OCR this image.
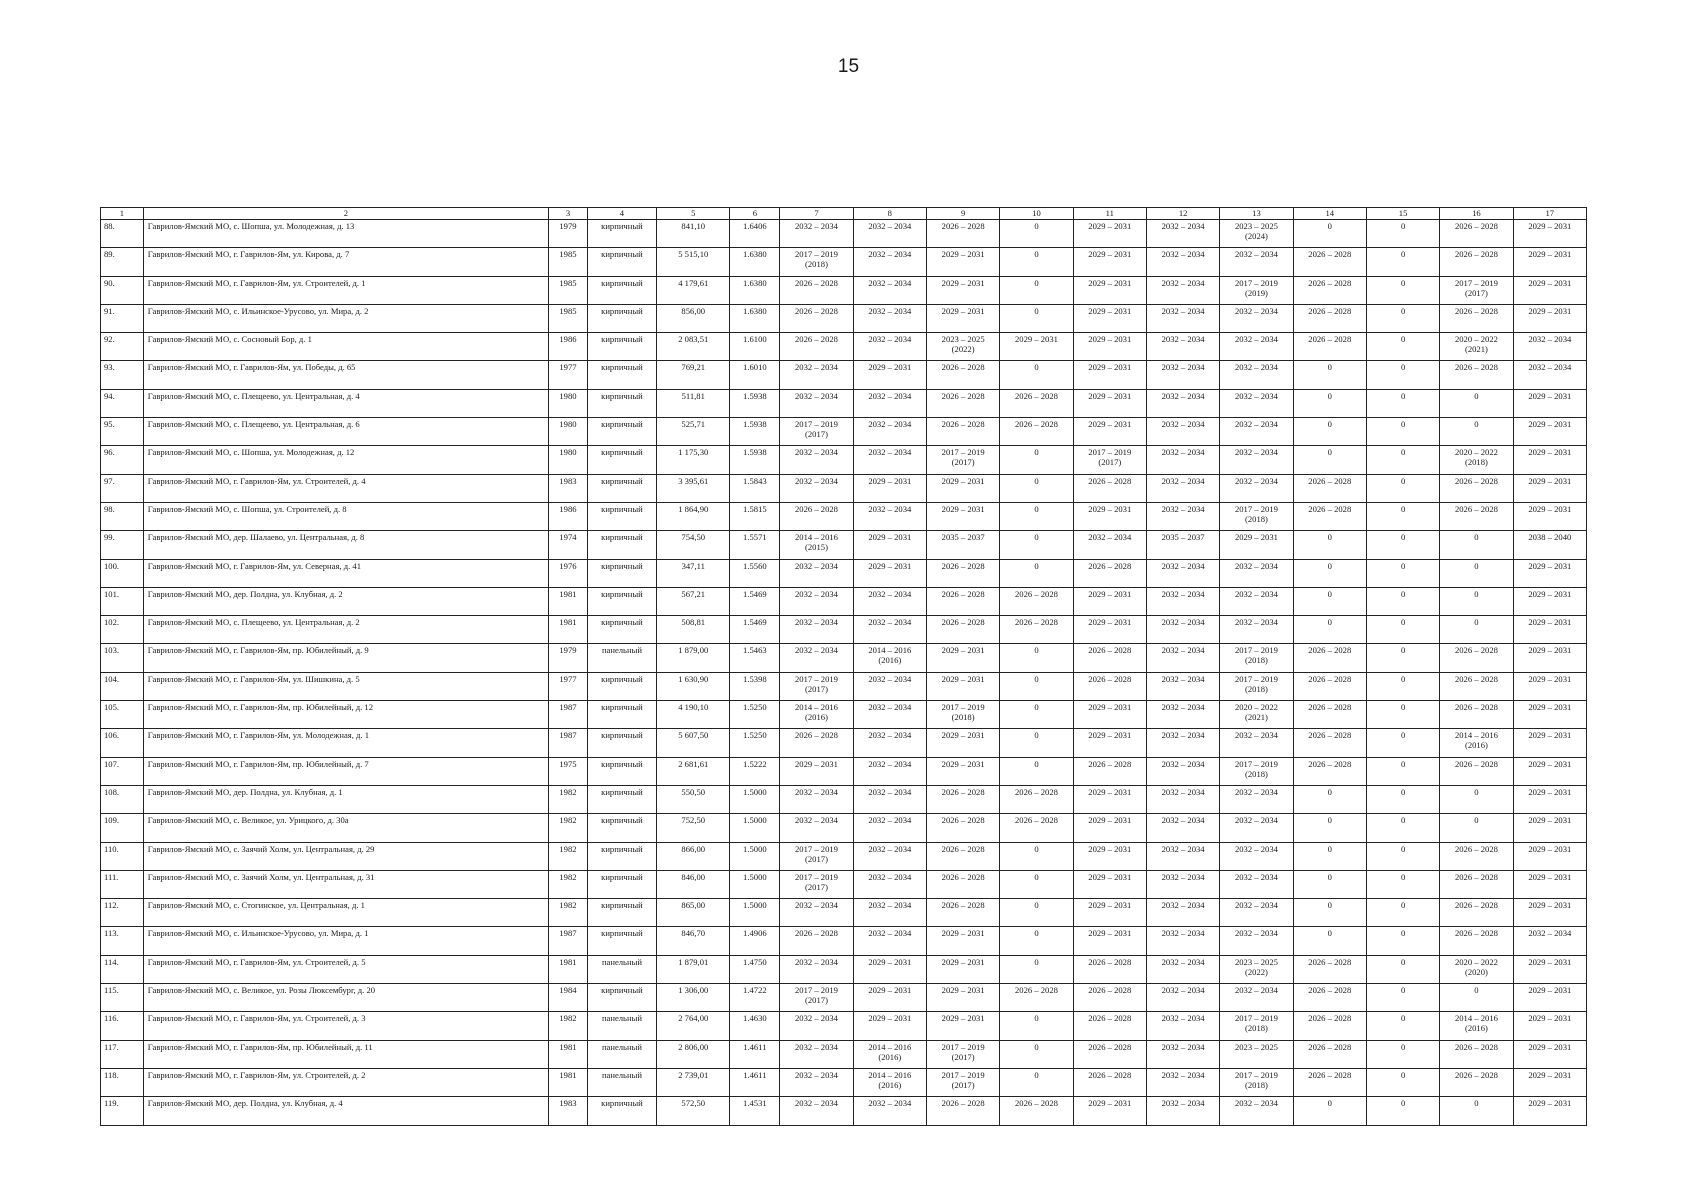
15
1	2	3	4	5	6	7	8	9	10	11	12	13	14	15	16	17
88.	Гаврилов-Ямский МО, с. Шопша, ул. Молодежная, д. 13	1979	кирпичный	841,10	1.6406	2032 – 2034	2032 – 2034	2026 – 2028	0	2029 – 2031	2032 – 2034	2023 – 2025
(2024)	0	0	2026 – 2028	2029 – 2031
89.	Гаврилов-Ямский МО, г. Гаврилов-Ям, ул. Кирова, д. 7	1985	кирпичный	5 515,10	1.6380	2017 – 2019
(2018)	2032 – 2034	2029 – 2031	0	2029 – 2031	2032 – 2034	2032 – 2034	2026 – 2028	0	2026 – 2028	2029 – 2031
90.	Гаврилов-Ямский МО, г. Гаврилов-Ям, ул. Строителей, д. 1	1985	кирпичный	4 179,61	1.6380	2026 – 2028	2032 – 2034	2029 – 2031	0	2029 – 2031	2032 – 2034	2017 – 2019
(2019)	2026 – 2028	0	2017 – 2019
(2017)	2029 – 2031
91.	Гаврилов-Ямский МО, с. Ильинское-Урусово, ул. Мира, д. 2	1985	кирпичный	856,00	1.6380	2026 – 2028	2032 – 2034	2029 – 2031	0	2029 – 2031	2032 – 2034	2032 – 2034	2026 – 2028	0	2026 – 2028	2029 – 2031
92.	Гаврилов-Ямский МО, с. Сосновый Бор, д. 1	1986	кирпичный	2 083,51	1.6100	2026 – 2028	2032 – 2034	2023 – 2025
(2022)	2029 – 2031	2029 – 2031	2032 – 2034	2032 – 2034	2026 – 2028	0	2020 – 2022
(2021)	2032 – 2034
93.	Гаврилов-Ямский МО, г. Гаврилов-Ям, ул. Победы, д. 65	1977	кирпичный	769,21	1.6010	2032 – 2034	2029 – 2031	2026 – 2028	0	2029 – 2031	2032 – 2034	2032 – 2034	0	0	2026 – 2028	2032 – 2034
94.	Гаврилов-Ямский МО, с. Плещеево, ул. Центральная, д. 4	1980	кирпичный	511,81	1.5938	2032 – 2034	2032 – 2034	2026 – 2028	2026 – 2028	2029 – 2031	2032 – 2034	2032 – 2034	0	0	0	2029 – 2031
95.	Гаврилов-Ямский МО, с. Плещеево, ул. Центральная, д. 6	1980	кирпичный	525,71	1.5938	2017 – 2019
(2017)	2032 – 2034	2026 – 2028	2026 – 2028	2029 – 2031	2032 – 2034	2032 – 2034	0	0	0	2029 – 2031
96.	Гаврилов-Ямский МО, с. Шопша, ул. Молодежная, д. 12	1980	кирпичный	1 175,30	1.5938	2032 – 2034	2032 – 2034	2017 – 2019
(2017)	0	2017 – 2019
(2017)	2032 – 2034	2032 – 2034	0	0	2020 – 2022
(2018)	2029 – 2031
97.	Гаврилов-Ямский МО, г. Гаврилов-Ям, ул. Строителей, д. 4	1983	кирпичный	3 395,61	1.5843	2032 – 2034	2029 – 2031	2029 – 2031	0	2026 – 2028	2032 – 2034	2032 – 2034	2026 – 2028	0	2026 – 2028	2029 – 2031
98.	Гаврилов-Ямский МО, с. Шопша, ул. Строителей, д. 8	1986	кирпичный	1 864,90	1.5815	2026 – 2028	2032 – 2034	2029 – 2031	0	2029 – 2031	2032 – 2034	2017 – 2019
(2018)	2026 – 2028	0	2026 – 2028	2029 – 2031
99.	Гаврилов-Ямский МО, дер. Шалаево, ул. Центральная, д. 8	1974	кирпичный	754,50	1.5571	2014 – 2016
(2015)	2029 – 2031	2035 – 2037	0	2032 – 2034	2035 – 2037	2029 – 2031	0	0	0	2038 – 2040
100.	Гаврилов-Ямский МО, г. Гаврилов-Ям, ул. Северная, д. 41	1976	кирпичный	347,11	1.5560	2032 – 2034	2029 – 2031	2026 – 2028	0	2026 – 2028	2032 – 2034	2032 – 2034	0	0	0	2029 – 2031
101.	Гаврилов-Ямский МО, дер. Полдна, ул. Клубная, д. 2	1981	кирпичный	567,21	1.5469	2032 – 2034	2032 – 2034	2026 – 2028	2026 – 2028	2029 – 2031	2032 – 2034	2032 – 2034	0	0	0	2029 – 2031
102.	Гаврилов-Ямский МО, с. Плещеево, ул. Центральная, д. 2	1981	кирпичный	508,81	1.5469	2032 – 2034	2032 – 2034	2026 – 2028	2026 – 2028	2029 – 2031	2032 – 2034	2032 – 2034	0	0	0	2029 – 2031
103.	Гаврилов-Ямский МО, г. Гаврилов-Ям, пр. Юбилейный, д. 9	1979	панельный	1 879,00	1.5463	2032 – 2034	2014 – 2016
(2016)	2029 – 2031	0	2026 – 2028	2032 – 2034	2017 – 2019
(2018)	2026 – 2028	0	2026 – 2028	2029 – 2031
104.	Гаврилов-Ямский МО, г. Гаврилов-Ям, ул. Шишкина, д. 5	1977	кирпичный	1 630,90	1.5398	2017 – 2019
(2017)	2032 – 2034	2029 – 2031	0	2026 – 2028	2032 – 2034	2017 – 2019
(2018)	2026 – 2028	0	2026 – 2028	2029 – 2031
105.	Гаврилов-Ямский МО, г. Гаврилов-Ям, пр. Юбилейный, д. 12	1987	кирпичный	4 190,10	1.5250	2014 – 2016
(2016)	2032 – 2034	2017 – 2019
(2018)	0	2029 – 2031	2032 – 2034	2020 – 2022
(2021)	2026 – 2028	0	2026 – 2028	2029 – 2031
106.	Гаврилов-Ямский МО, г. Гаврилов-Ям, ул. Молодежная, д. 1	1987	кирпичный	5 607,50	1.5250	2026 – 2028	2032 – 2034	2029 – 2031	0	2029 – 2031	2032 – 2034	2032 – 2034	2026 – 2028	0	2014 – 2016
(2016)	2029 – 2031
107.	Гаврилов-Ямский МО, г. Гаврилов-Ям, пр. Юбилейный, д. 7	1975	кирпичный	2 681,61	1.5222	2029 – 2031	2032 – 2034	2029 – 2031	0	2026 – 2028	2032 – 2034	2017 – 2019
(2018)	2026 – 2028	0	2026 – 2028	2029 – 2031
108.	Гаврилов-Ямский МО, дер. Полдна, ул. Клубная, д. 1	1982	кирпичный	550,50	1.5000	2032 – 2034	2032 – 2034	2026 – 2028	2026 – 2028	2029 – 2031	2032 – 2034	2032 – 2034	0	0	0	2029 – 2031
109.	Гаврилов-Ямский МО, с. Великое, ул. Урицкого, д. 30а	1982	кирпичный	752,50	1.5000	2032 – 2034	2032 – 2034	2026 – 2028	2026 – 2028	2029 – 2031	2032 – 2034	2032 – 2034	0	0	0	2029 – 2031
110.	Гаврилов-Ямский МО, с. Заячий Холм, ул. Центральная, д. 29	1982	кирпичный	866,00	1.5000	2017 – 2019
(2017)	2032 – 2034	2026 – 2028	0	2029 – 2031	2032 – 2034	2032 – 2034	0	0	2026 – 2028	2029 – 2031
111.	Гаврилов-Ямский МО, с. Заячий Холм, ул. Центральная, д. 31	1982	кирпичный	846,00	1.5000	2017 – 2019
(2017)	2032 – 2034	2026 – 2028	0	2029 – 2031	2032 – 2034	2032 – 2034	0	0	2026 – 2028	2029 – 2031
112.	Гаврилов-Ямский МО, с. Стогинское, ул. Центральная, д. 1	1982	кирпичный	865,00	1.5000	2032 – 2034	2032 – 2034	2026 – 2028	0	2029 – 2031	2032 – 2034	2032 – 2034	0	0	2026 – 2028	2029 – 2031
113.	Гаврилов-Ямский МО, с. Ильинское-Урусово, ул. Мира, д. 1	1987	кирпичный	846,70	1.4906	2026 – 2028	2032 – 2034	2029 – 2031	0	2029 – 2031	2032 – 2034	2032 – 2034	0	0	2026 – 2028	2032 – 2034
114.	Гаврилов-Ямский МО, г. Гаврилов-Ям, ул. Строителей, д. 5	1981	панельный	1 879,01	1.4750	2032 – 2034	2029 – 2031	2029 – 2031	0	2026 – 2028	2032 – 2034	2023 – 2025
(2022)	2026 – 2028	0	2020 – 2022
(2020)	2029 – 2031
115.	Гаврилов-Ямский МО, с. Великое, ул. Розы Люксембург, д. 20	1984	кирпичный	1 306,00	1.4722	2017 – 2019
(2017)	2029 – 2031	2029 – 2031	2026 – 2028	2026 – 2028	2032 – 2034	2032 – 2034	2026 – 2028	0	0	2029 – 2031
116.	Гаврилов-Ямский МО, г. Гаврилов-Ям, ул. Строителей, д. 3	1982	панельный	2 764,00	1.4630	2032 – 2034	2029 – 2031	2029 – 2031	0	2026 – 2028	2032 – 2034	2017 – 2019
(2018)	2026 – 2028	0	2014 – 2016
(2016)	2029 – 2031
117.	Гаврилов-Ямский МО, г. Гаврилов-Ям, пр. Юбилейный, д. 11	1981	панельный	2 806,00	1.4611	2032 – 2034	2014 – 2016
(2016)	2017 – 2019
(2017)	0	2026 – 2028	2032 – 2034	2023 – 2025	2026 – 2028	0	2026 – 2028	2029 – 2031
118.	Гаврилов-Ямский МО, г. Гаврилов-Ям, ул. Строителей, д. 2	1981	панельный	2 739,01	1.4611	2032 – 2034	2014 – 2016
(2016)	2017 – 2019
(2017)	0	2026 – 2028	2032 – 2034	2017 – 2019
(2018)	2026 – 2028	0	2026 – 2028	2029 – 2031
119.	Гаврилов-Ямский МО, дер. Полдна, ул. Клубная, д. 4	1983	кирпичный	572,50	1.4531	2032 – 2034	2032 – 2034	2026 – 2028	2026 – 2028	2029 – 2031	2032 – 2034	2032 – 2034	0	0	0	2029 – 2031
